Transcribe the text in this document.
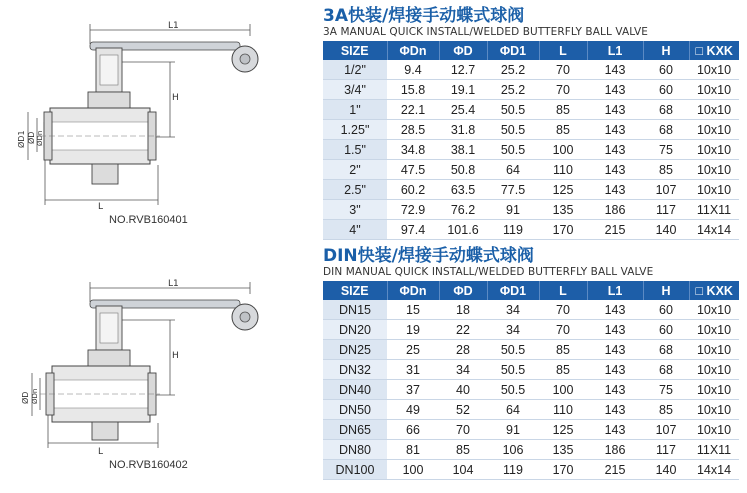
L1
H
L
ØD1 ØD ØDn
NO.RVB160401
L1
H
L
ØD ØDn
NO.RVB160402
3A快装/焊接手动蝶式球阀
3A MANUAL QUICK INSTALL/WELDED BUTTERFLY BALL VALVE
SIZE	ΦDn	ΦD	ΦD1	L	L1	H	□ KXK
1/2"	9.4	12.7	25.2	70	143	60	10x10
3/4"	15.8	19.1	25.2	70	143	60	10x10
1"	22.1	25.4	50.5	85	143	68	10x10
1.25"	28.5	31.8	50.5	85	143	68	10x10
1.5"	34.8	38.1	50.5	100	143	75	10x10
2"	47.5	50.8	64	110	143	85	10x10
2.5"	60.2	63.5	77.5	125	143	107	10x10
3"	72.9	76.2	91	135	186	117	11X11
4"	97.4	101.6	119	170	215	140	14x14
DIN快装/焊接手动蝶式球阀
DIN MANUAL QUICK INSTALL/WELDED BUTTERFLY BALL VALVE
SIZE	ΦDn	ΦD	ΦD1	L	L1	H	□ KXK
DN15	15	18	34	70	143	60	10x10
DN20	19	22	34	70	143	60	10x10
DN25	25	28	50.5	85	143	68	10x10
DN32	31	34	50.5	85	143	68	10x10
DN40	37	40	50.5	100	143	75	10x10
DN50	49	52	64	110	143	85	10x10
DN65	66	70	91	125	143	107	10x10
DN80	81	85	106	135	186	117	11X11
DN100	100	104	119	170	215	140	14x14
